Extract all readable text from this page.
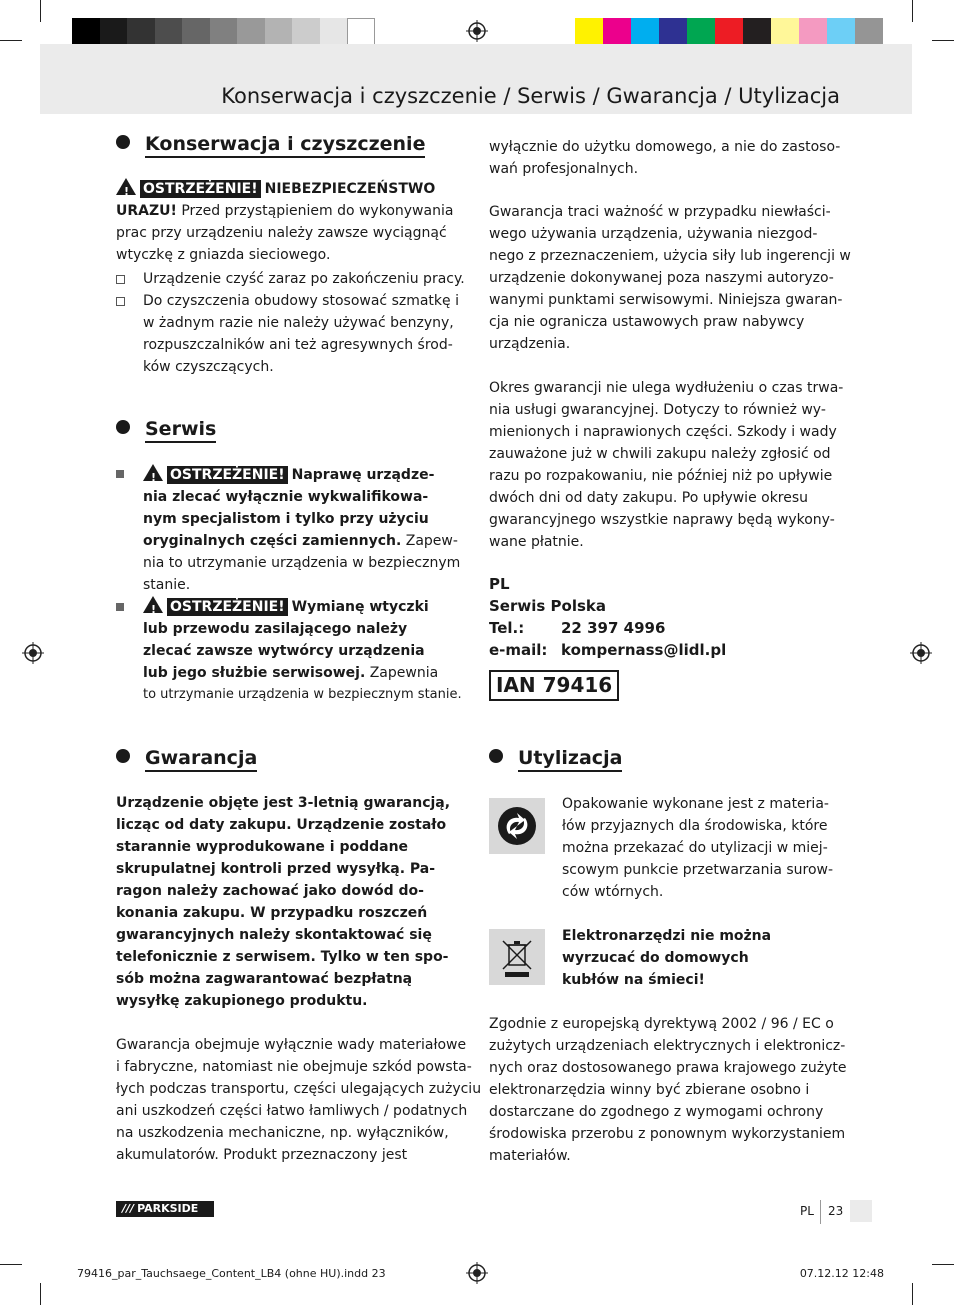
Konserwacja i czyszczenie / Serwis / Gwarancja / Utylizacja
Konserwacja i czyszczenie
!OSTRZEŻENIE! NIEBEZPIECZEŃSTWO
URAZU! Przed przystąpieniem do wykonywania
prac przy urządzeniu należy zawsze wyciągnąć
wtyczkę z gniazda sieciowego.
Urządzenie czyść zaraz po zakończeniu pracy.
Do czyszczenia obudowy stosować szmatkę i
w żadnym razie nie należy używać benzyny,
rozpuszczalników ani też agresywnych środ-
ków czyszczących.
Serwis
!OSTRZEŻENIE! Naprawę urządze-
nia zlecać wyłącznie wykwalifikowa-
nym specjalistom i tylko przy użyciu
oryginalnych części zamiennych. Zapew-
nia to utrzymanie urządzenia w bezpiecznym
stanie.
!OSTRZEŻENIE! Wymianę wtyczki
lub przewodu zasilającego należy
zlecać zawsze wytwórcy urządzenia
lub jego służbie serwisowej. Zapewnia
to utrzymanie urządzenia w bezpiecznym stanie.
Gwarancja
Urządzenie objęte jest 3-letnią gwarancją,
licząc od daty zakupu. Urządzenie zostało
starannie wyprodukowane i poddane
skrupulatnej kontroli przed wysyłką. Pa-
ragon należy zachować jako dowód do-
konania zakupu. W przypadku roszczeń
gwarancyjnych należy skontaktować się
telefonicznie z serwisem. Tylko w ten spo-
sób można zagwarantować bezpłatną
wysyłkę zakupionego produktu.
Gwarancja obejmuje wyłącznie wady materiałowe
i fabryczne, natomiast nie obejmuje szkód powsta-
łych podczas transportu, części ulegających zużyciu
ani uszkodzeń części łatwo łamliwych / podatnych
na uszkodzenia mechaniczne, np. wyłączników,
akumulatorów. Produkt przeznaczony jest
wyłącznie do użytku domowego, a nie do zastoso-
wań profesjonalnych.
Gwarancja traci ważność w przypadku niewłaści-
wego używania urządzenia, używania niezgod-
nego z przeznaczeniem, użycia siły lub ingerencji w
urządzenie dokonywanej poza naszymi autoryzo-
wanymi punktami serwisowymi. Niniejsza gwaran-
cja nie ogranicza ustawowych praw nabywcy
urządzenia.
Okres gwarancji nie ulega wydłużeniu o czas trwa-
nia usługi gwarancyjnej. Dotyczy to również wy-
mienionych i naprawionych części. Szkody i wady
zauważone już w chwili zakupu należy zgłosić od
razu po rozpakowaniu, nie później niż po upływie
dwóch dni od daty zakupu. Po upływie okresu
gwarancyjnego wszystkie naprawy będą wykony-
wane płatnie.
PL
Serwis Polska
Tel.: 22 397 4996
e-mail: kompernass@lidl.pl
IAN 79416
Utylizacja
Opakowanie wykonane jest z materia-
łów przyjaznych dla środowiska, które
można przekazać do utylizacji w miej-
scowym punkcie przetwarzania surow-
ców wtórnych.
Elektronarzędzi nie można
wyrzucać do domowych
kubłów na śmieci!
Zgodnie z europejską dyrektywą 2002 / 96 / EC o
zużytych urządzeniach elektrycznych i elektronicz-
nych oraz dostosowanego prawa krajowego zużyte
elektronarzędzia winny być zbierane osobno i
dostarczane do zgodnego z wymogami ochrony
środowiska przerobu z ponownym wykorzystaniem
materiałów.
/// PARKSIDE	PL 23
79416_par_Tauchsaege_Content_LB4 (ohne HU).indd 23	07.12.12 12:48
